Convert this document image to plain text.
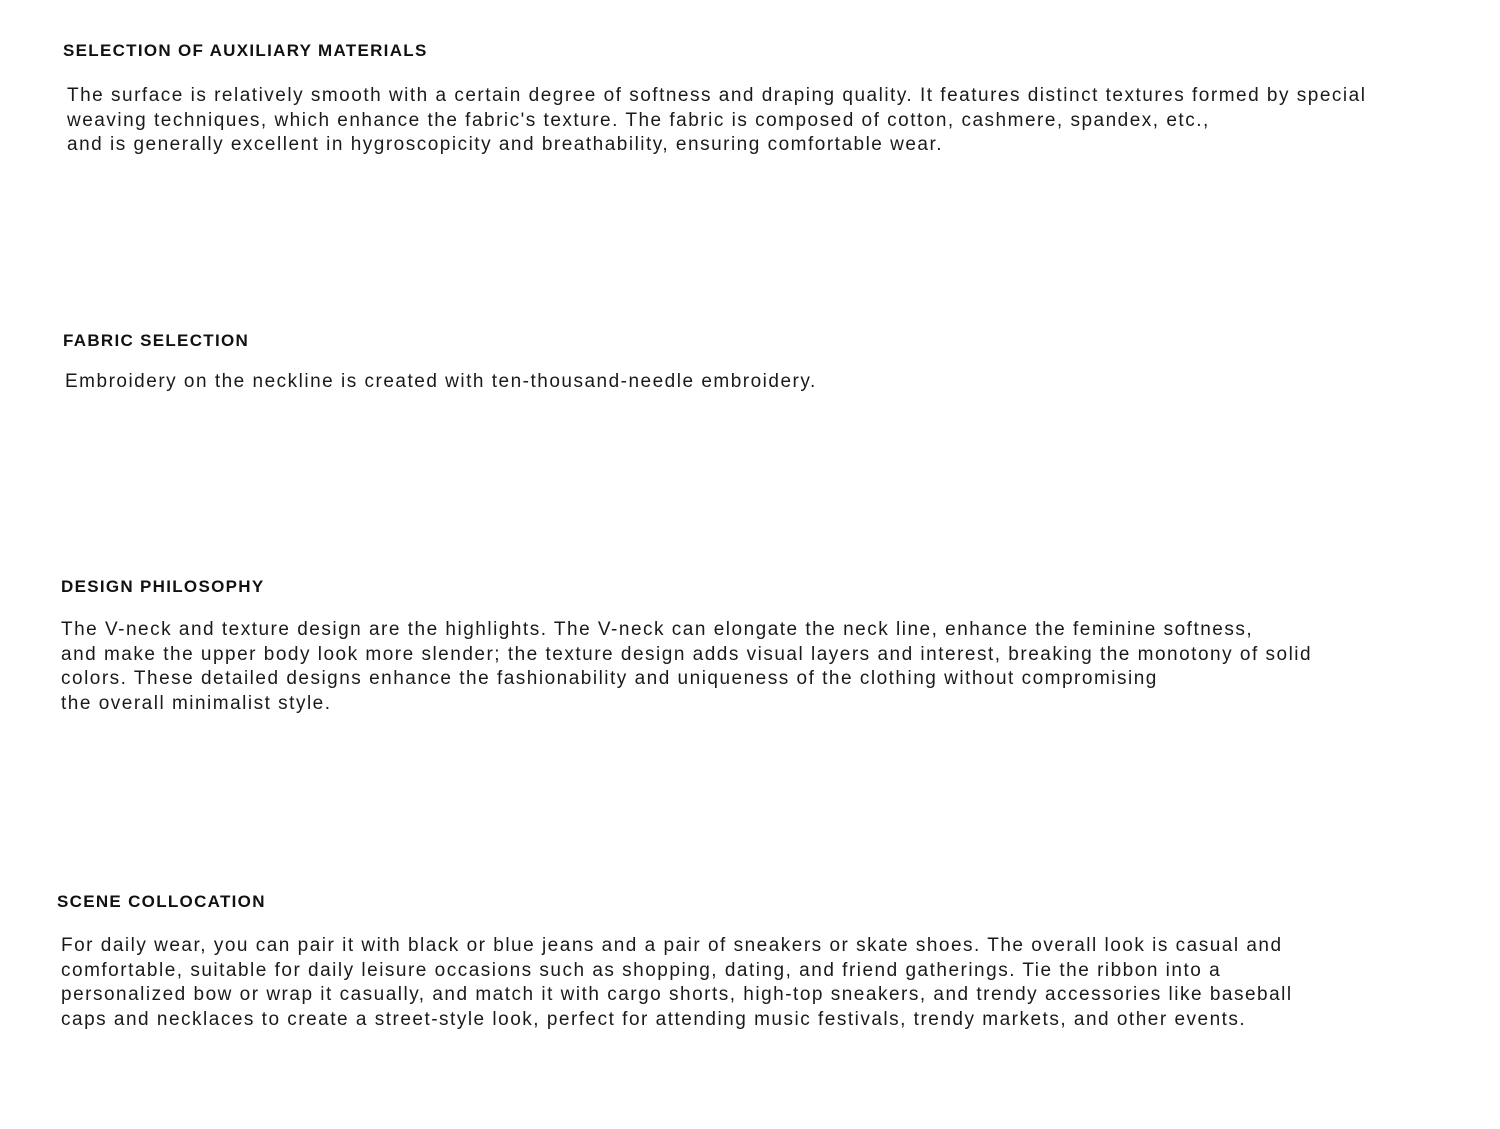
SELECTION OF AUXILIARY MATERIALS

The surface is relatively smooth with a certain degree of softness and draping quality. It features distinct textures formed by special
weaving techniques, which enhance the fabric's texture. The fabric is composed of cotton, cashmere, spandex, etc.,
and is generally excellent in hygroscopicity and breathability, ensuring comfortable wear.

FABRIC SELECTION

Embroidery on the neckline is created with ten-thousand-needle embroidery.

DESIGN PHILOSOPHY

The V-neck and texture design are the highlights. The V-neck can elongate the neck line, enhance the feminine softness,
and make the upper body look more slender; the texture design adds visual layers and interest, breaking the monotony of solid
colors. These detailed designs enhance the fashionability and uniqueness of the clothing without compromising
the overall minimalist style.

SCENE COLLOCATION

For daily wear, you can pair it with black or blue jeans and a pair of sneakers or skate shoes. The overall look is casual and
comfortable, suitable for daily leisure occasions such as shopping, dating, and friend gatherings. Tie the ribbon into a
personalized bow or wrap it casually, and match it with cargo shorts, high-top sneakers, and trendy accessories like baseball
caps and necklaces to create a street-style look, perfect for attending music festivals, trendy markets, and other events.
